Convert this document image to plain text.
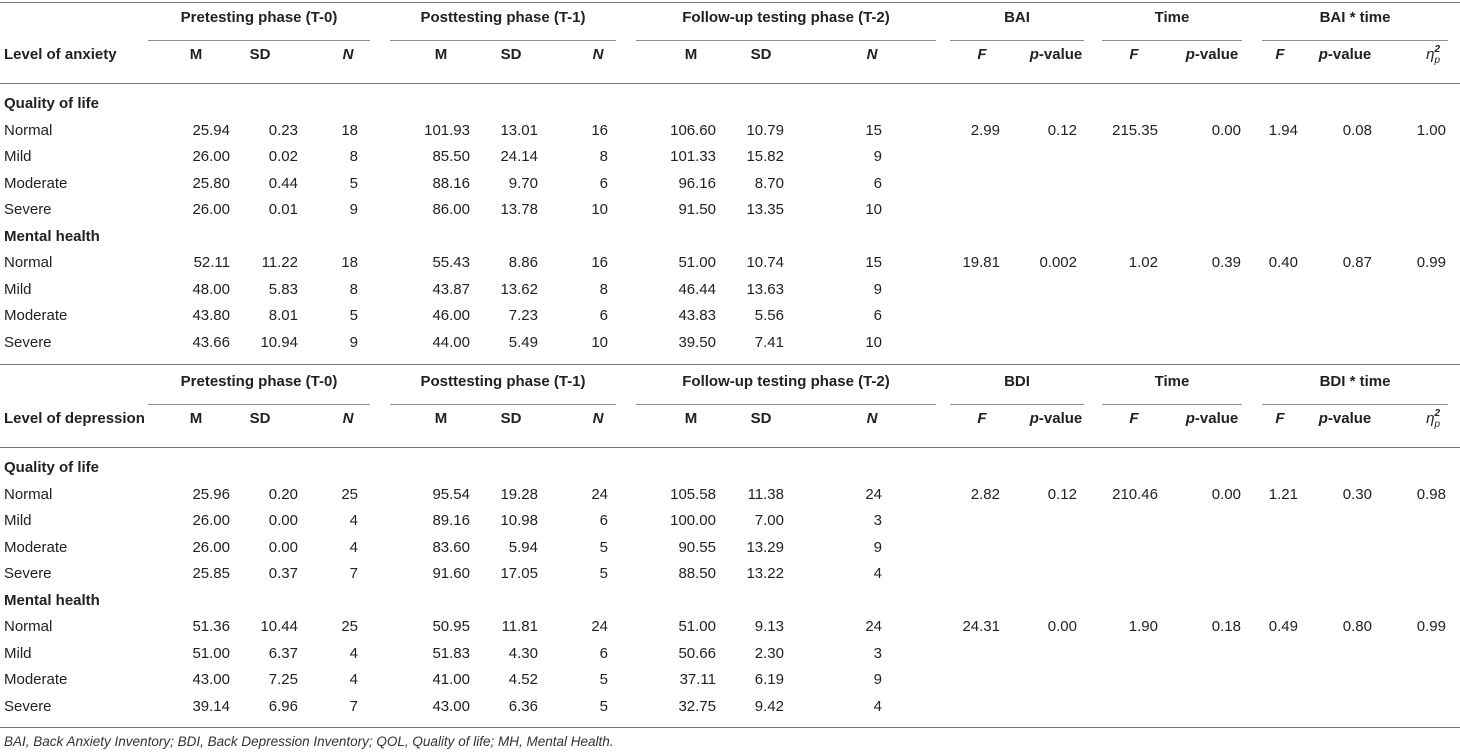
Pretesting phase (T-0)	Posttesting phase (T-1)	Follow-up testing phase (T-2)	BAI	Time	BAI * time
Level of anxiety	M	SD	N	M	SD	N	M	SD	N	F	p-value	F	p-value	F	p-value	η 2
p
Quality of life
Normal	25.94	0.23	18	101.93	13.01	16	106.60	10.79	15	2.99	0.12	215.35	0.00	1.94	0.08	1.00
Mild	26.00	0.02	8	85.50	24.14	8	101.33	15.82	9
Moderate	25.80	0.44	5	88.16	9.70	6	96.16	8.70	6
Severe	26.00	0.01	9	86.00	13.78	10	91.50	13.35	10
Mental health
Normal	52.11	11.22	18	55.43	8.86	16	51.00	10.74	15	19.81	0.002	1.02	0.39	0.40	0.87	0.99
Mild	48.00	5.83	8	43.87	13.62	8	46.44	13.63	9
Moderate	43.80	8.01	5	46.00	7.23	6	43.83	5.56	6
Severe	43.66	10.94	9	44.00	5.49	10	39.50	7.41	10
Pretesting phase (T-0)	Posttesting phase (T-1)	Follow-up testing phase (T-2)	BDI	Time	BDI * time
Level of depression	M	SD	N	M	SD	N	M	SD	N	F	p-value	F	p-value	F	p-value	η 2
p
Quality of life
Normal	25.96	0.20	25	95.54	19.28	24	105.58	11.38	24	2.82	0.12	210.46	0.00	1.21	0.30	0.98
Mild	26.00	0.00	4	89.16	10.98	6	100.00	7.00	3
Moderate	26.00	0.00	4	83.60	5.94	5	90.55	13.29	9
Severe	25.85	0.37	7	91.60	17.05	5	88.50	13.22	4
Mental health
Normal	51.36	10.44	25	50.95	11.81	24	51.00	9.13	24	24.31	0.00	1.90	0.18	0.49	0.80	0.99
Mild	51.00	6.37	4	51.83	4.30	6	50.66	2.30	3
Moderate	43.00	7.25	4	41.00	4.52	5	37.11	6.19	9
Severe	39.14	6.96	7	43.00	6.36	5	32.75	9.42	4
BAI, Back Anxiety Inventory; BDI, Back Depression Inventory; QOL, Quality of life; MH, Mental Health.
